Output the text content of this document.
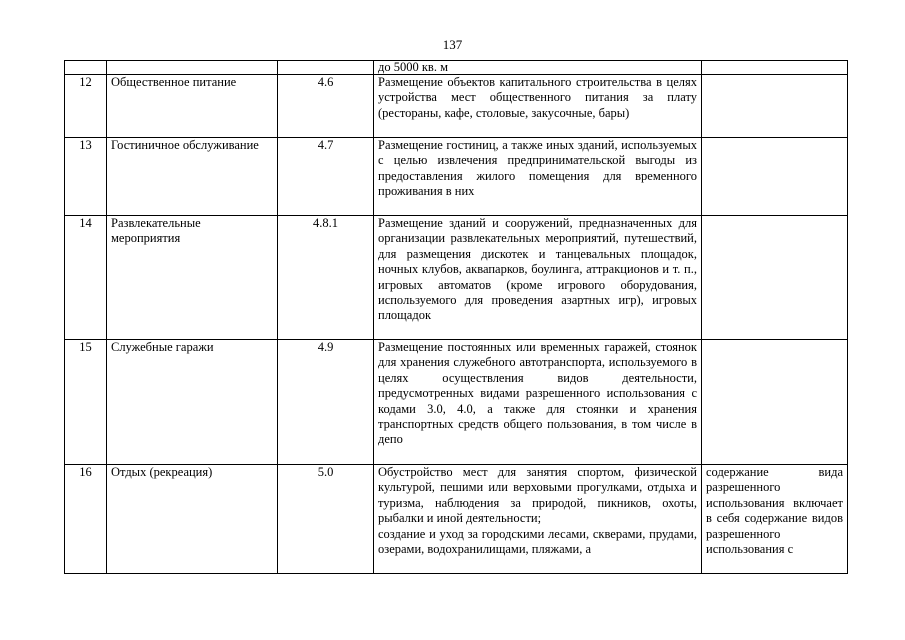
137
			до 5000 кв. м	
12	Общественное питание	4.6	Размещение объектов капитального строительства в целях устройства мест общественного питания за плату (рестораны, кафе, столовые, закусочные, бары)	

13	Гостиничное обслуживание	4.7	Размещение гостиниц, а также иных зданий, используемых с целью извлечения предпринимательской выгоды из предоставления жилого помещения для временного проживания в них	

14	Развлекательные мероприятия	4.8.1	Размещение зданий и сооружений, предназначенных для организации развлекательных мероприятий, путешествий, для размещения дискотек и танцевальных площадок, ночных клубов, аквапарков, боулинга, аттракционов и т. п., игровых автоматов (кроме игрового оборудования, используемого для проведения азартных игр), игровых площадок	

15	Служебные гаражи	4.9	Размещение постоянных или временных гаражей, стоянок для хранения служебного автотранспорта, используемого в целях осуществления видов деятельности, предусмотренных видами разрешенного использования с кодами 3.0, 4.0, а также для стоянки и хранения транспортных средств общего пользования, в том числе в депо	

16	Отдых (рекреация)	5.0	Обустройство мест для занятия спортом, физической культурой, пешими или верховыми прогулками, отдыха и туризма, наблюдения за природой, пикников, охоты, рыбалки и иной деятельности;
создание и уход за городскими лесами, скверами, прудами, озерами, водохранилищами, пляжами, а	содержание вида разрешенного использования включает в себя содержание видов разрешенного использования с
